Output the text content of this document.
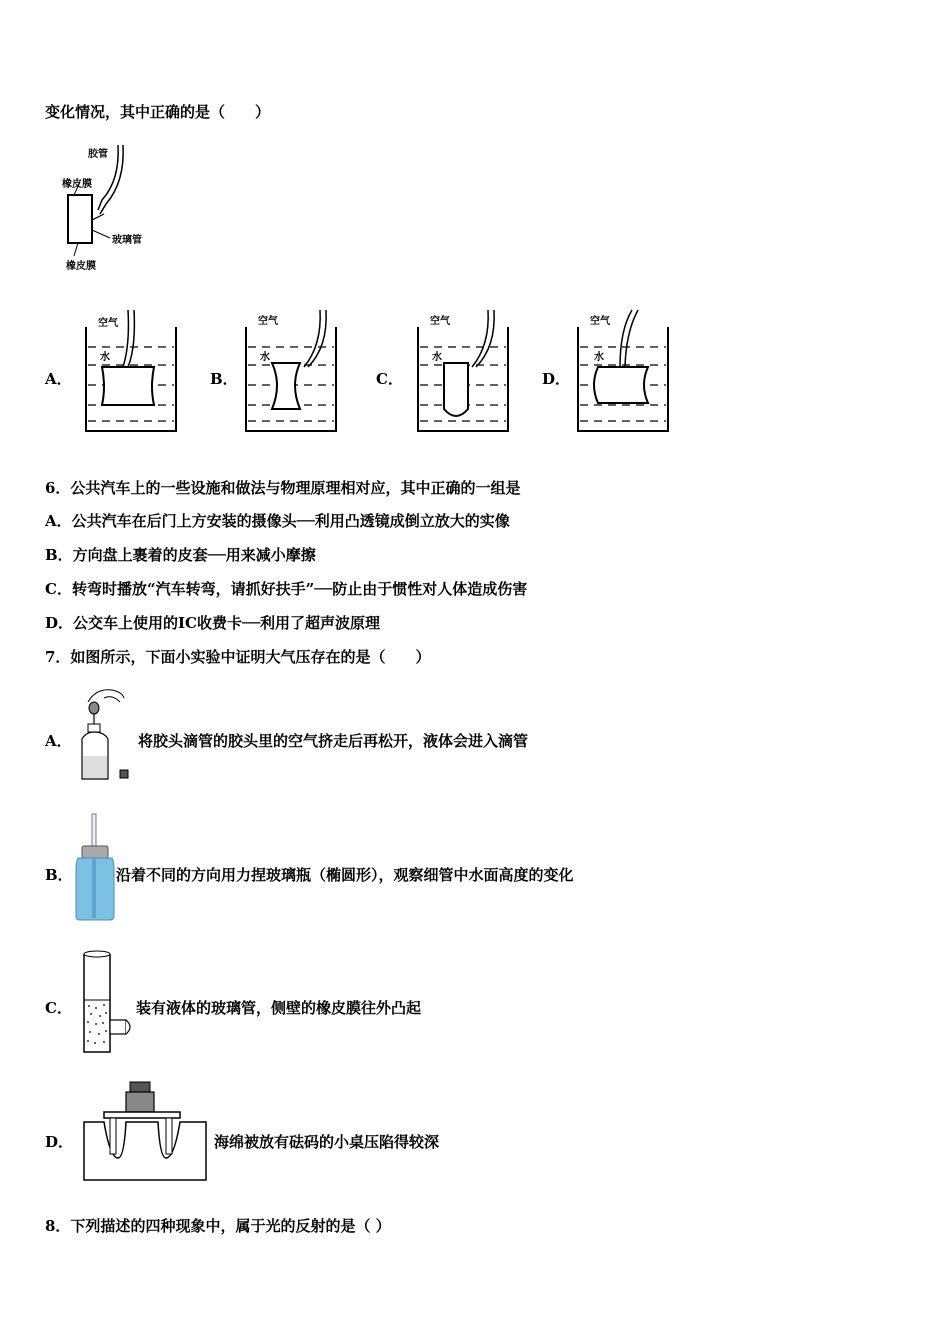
变化情况，其中正确的是（　　）
胶管
橡皮膜
玻璃管
橡皮膜
A．
空气
水
B．
空气
水
C．
空气
水
D．
空气
水
6．公共汽车上的一些设施和做法与物理原理相对应，其中正确的一组是
A．公共汽车在后门上方安装的摄像头──利用凸透镜成倒立放大的实像
B．方向盘上裹着的皮套──用来减小摩擦
C．转弯时播放“汽车转弯，请抓好扶手”──防止由于惯性对人体造成伤害
D．公交车上使用的IC收费卡──利用了超声波原理
7．如图所示，下面小实验中证明大气压存在的是（　　）
A．	将胶头滴管的胶头里的空气挤走后再松开，液体会进入滴管
B．	沿着不同的方向用力捏玻璃瓶（椭圆形），观察细管中水面高度的变化
C．	装有液体的玻璃管，侧壁的橡皮膜往外凸起
D．	海绵被放有砝码的小桌压陷得较深
8．下列描述的四种现象中，属于光的反射的是（ ）
